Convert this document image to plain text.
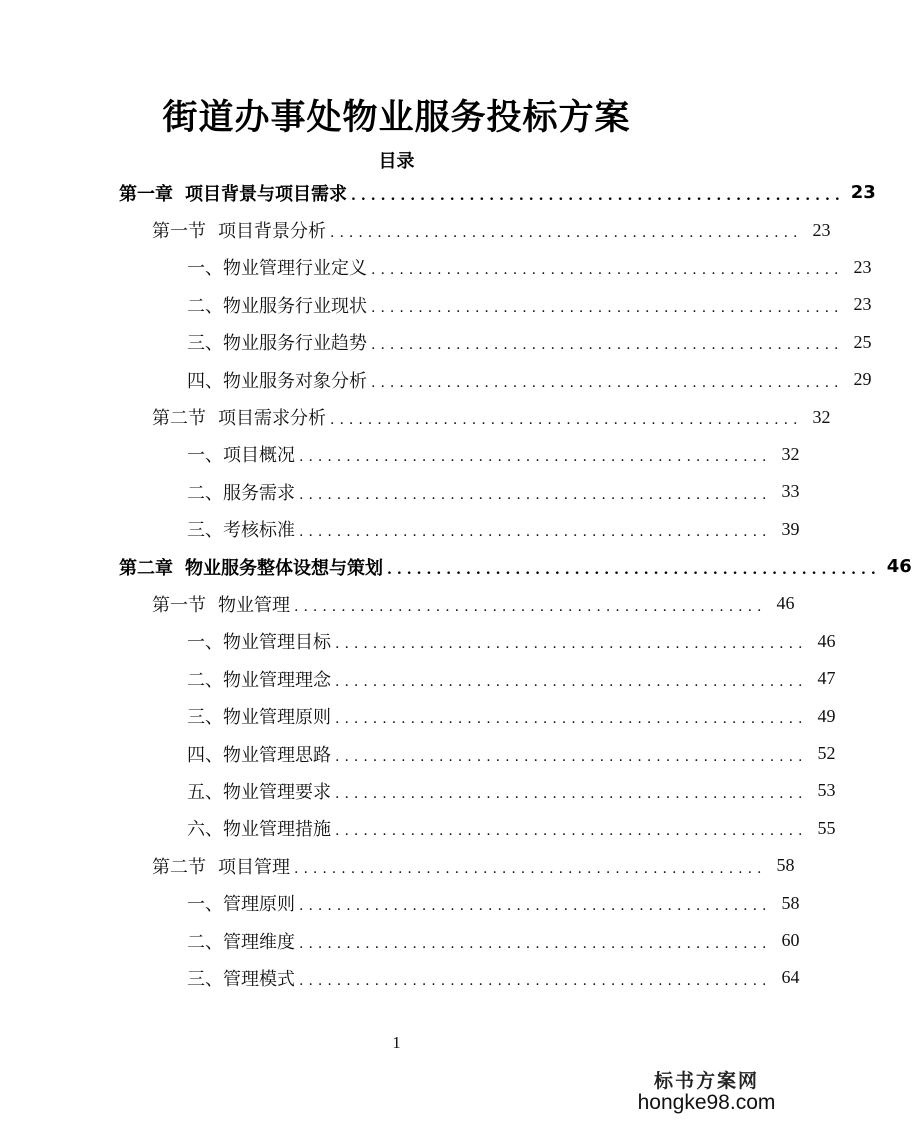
街道办事处物业服务投标方案
目录
第一章 项目背景与项目需求 .................................................. 23
第一节 项目背景分析 .................................................. 23
一、物业管理行业定义 .................................................. 23
二、物业服务行业现状 .................................................. 23
三、物业服务行业趋势 .................................................. 25
四、物业服务对象分析 .................................................. 29
第二节 项目需求分析 .................................................. 32
一、项目概况 .................................................. 32
二、服务需求 .................................................. 33
三、考核标准 .................................................. 39
第二章 物业服务整体设想与策划 .................................................. 46
第一节 物业管理 .................................................. 46
一、物业管理目标 .................................................. 46
二、物业管理理念 .................................................. 47
三、物业管理原则 .................................................. 49
四、物业管理思路 .................................................. 52
五、物业管理要求 .................................................. 53
六、物业管理措施 .................................................. 55
第二节 项目管理 .................................................. 58
一、管理原则 .................................................. 58
二、管理维度 .................................................. 60
三、管理模式 .................................................. 64
1
标书方案网
hongke98.com
